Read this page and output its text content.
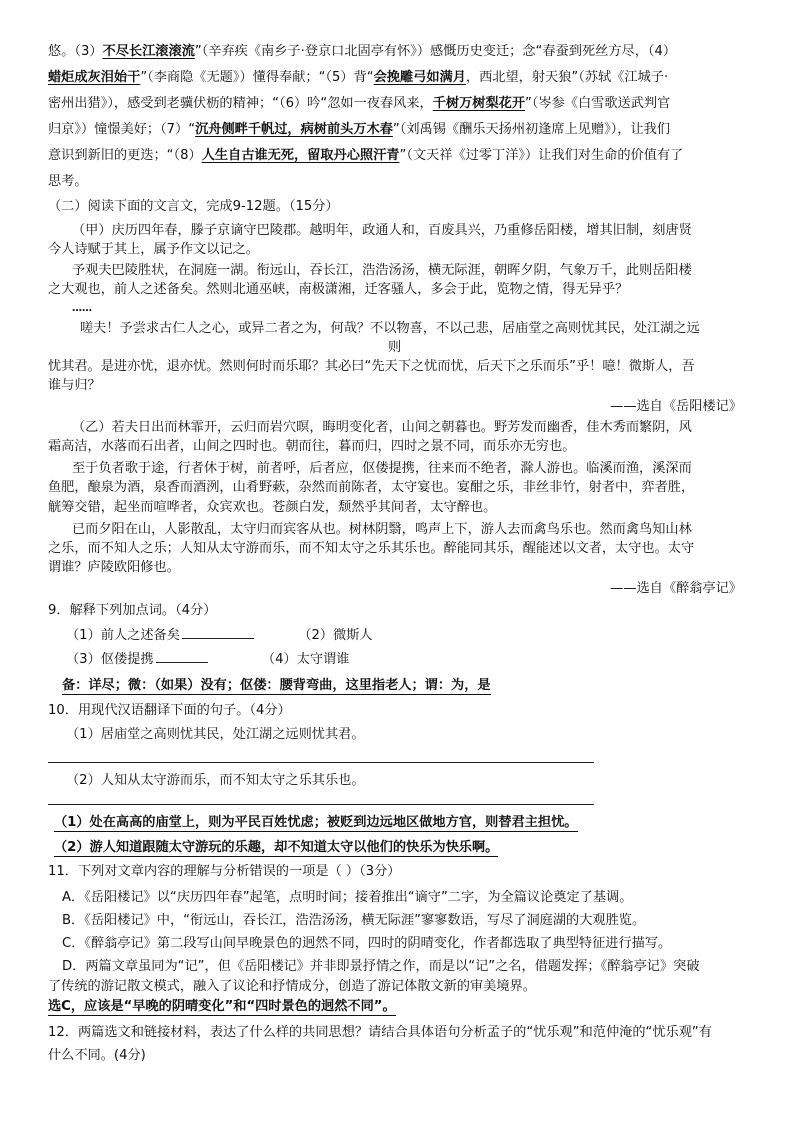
悠。（3）不尽长江滚滚流”（辛弃疾《南乡子·登京口北固亭有怀》）感慨历史变迁；念“春蚕到死丝方尽，（4）
蜡炬成灰泪始干”（李商隐《无题》）懂得奉献；“（5）背“会挽雕弓如满月，西北望，射天狼”（苏轼《江城子·
密州出猎》），感受到老骥伏枥的精神；“（6）吟“忽如一夜春风来，千树万树梨花开”（岑参《白雪歌送武判官
归京》）憧憬美好；（7）“沉舟侧畔千帆过，病树前头万木春”（刘禹锡《酬乐天扬州初逢席上见赠》），让我们
意识到新旧的更迭；“（8）人生自古谁无死，留取丹心照汗青”（文天祥《过零丁洋》）让我们对生命的价值有了
思考。
（二）阅读下面的文言文，完成9-12题。（15分）
（甲）庆历四年春，滕子京谪守巴陵郡。越明年，政通人和，百废具兴，乃重修岳阳楼，增其旧制，刻唐贤
今人诗赋于其上，属予作文以记之。
予观夫巴陵胜状，在洞庭一湖。衔远山，吞长江，浩浩汤汤，横无际涯，朝晖夕阴，气象万千，此则岳阳楼
之大观也，前人之述备矣。然则北通巫峡，南极潇湘，迁客骚人，多会于此，览物之情，得无异乎？
……
嗟夫！予尝求古仁人之心，或异二者之为，何哉？不以物喜，不以己悲，居庙堂之高则忧其民，处江湖之远
则
忧其君。是进亦忧，退亦忧。然则何时而乐耶？其必曰“先天下之忧而忧，后天下之乐而乐”乎！噫！微斯人，吾
谁与归？
——选自《岳阳楼记》
（乙）若夫日出而林霏开，云归而岩穴暝，晦明变化者，山间之朝暮也。野芳发而幽香，佳木秀而繁阴，风
霜高洁，水落而石出者，山间之四时也。朝而往，暮而归，四时之景不同，而乐亦无穷也。
至于负者歌于途，行者休于树，前者呼，后者应，伛偻提携，往来而不绝者，滁人游也。临溪而渔，溪深而
鱼肥，酿泉为酒，泉香而酒洌，山肴野蔌，杂然而前陈者，太守宴也。宴酣之乐，非丝非竹，射者中，弈者胜，
觥筹交错，起坐而喧哗者，众宾欢也。苍颜白发，颓然乎其间者，太守醉也。
已而夕阳在山，人影散乱，太守归而宾客从也。树林阴翳，鸣声上下，游人去而禽鸟乐也。然而禽鸟知山林
之乐，而不知人之乐；人知从太守游而乐，而不知太守之乐其乐也。醉能同其乐，醒能述以文者，太守也。太守
谓谁？庐陵欧阳修也。
——选自《醉翁亭记》
9．解释下列加点词。（4分）
（1）前人之述备矣	（2）微斯人
（3）伛偻提携	（4）太守谓谁
备：详尽；微：（如果）没有；伛偻：腰背弯曲，这里指老人；谓：为，是
10．用现代汉语翻译下面的句子。（4分）
（1）居庙堂之高则忧其民，处江湖之远则忧其君。
（2）人知从太守游而乐，而不知太守之乐其乐也。
（1）处在高高的庙堂上，则为平民百姓忧虑；被贬到边远地区做地方官，则替君主担忧。
（2）游人知道跟随太守游玩的乐趣，却不知道太守以他们的快乐为快乐啊。
11．下列对文章内容的理解与分析错误的一项是（ ）（3分）
A．《岳阳楼记》以“庆历四年春”起笔，点明时间；接着推出“谪守”二字，为全篇议论奠定了基调。
B．《岳阳楼记》中，“衔远山，吞长江，浩浩汤汤，横无际涯”寥寥数语，写尽了洞庭湖的大观胜览。
C．《醉翁亭记》第二段写山间早晚景色的迥然不同，四时的阴晴变化，作者都选取了典型特征进行描写。
D．两篇文章虽同为“记”，但《岳阳楼记》并非即景抒情之作，而是以“记”之名，借题发挥；《醉翁亭记》突破
了传统的游记散文模式，融入了议论和抒情成分，创造了游记体散文新的审美境界。
选C，应该是“早晚的阴晴变化”和“四时景色的迥然不同”。
12．两篇选文和链接材料，表达了什么样的共同思想？请结合具体语句分析孟子的“忧乐观”和范仲淹的“忧乐观”有
什么不同。(4分)
